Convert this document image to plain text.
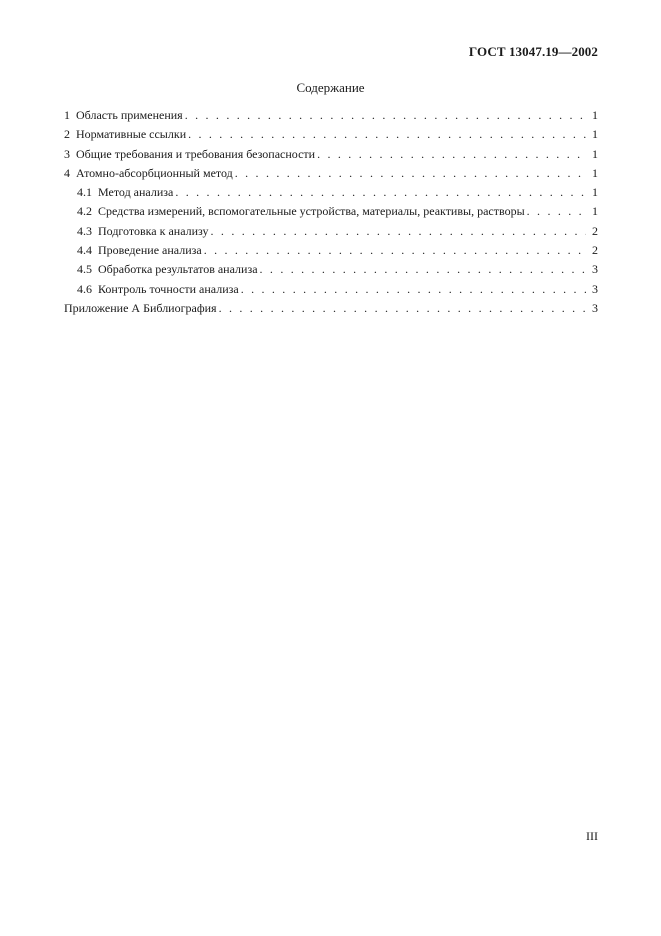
ГОСТ 13047.19—2002
Содержание
1 Область применения . . .	1
2 Нормативные ссылки . . .	1
3 Общие требования и требования безопасности . . .	1
4 Атомно-абсорбционный метод . . .	1
4.1 Метод анализа . . .	1
4.2 Средства измерений, вспомогательные устройства, материалы, реактивы, растворы . . .	1
4.3 Подготовка к анализу . . .	2
4.4 Проведение анализа . . .	2
4.5 Обработка результатов анализа . . .	3
4.6 Контроль точности анализа . . .	3
Приложение А Библиография . . .	3
III
